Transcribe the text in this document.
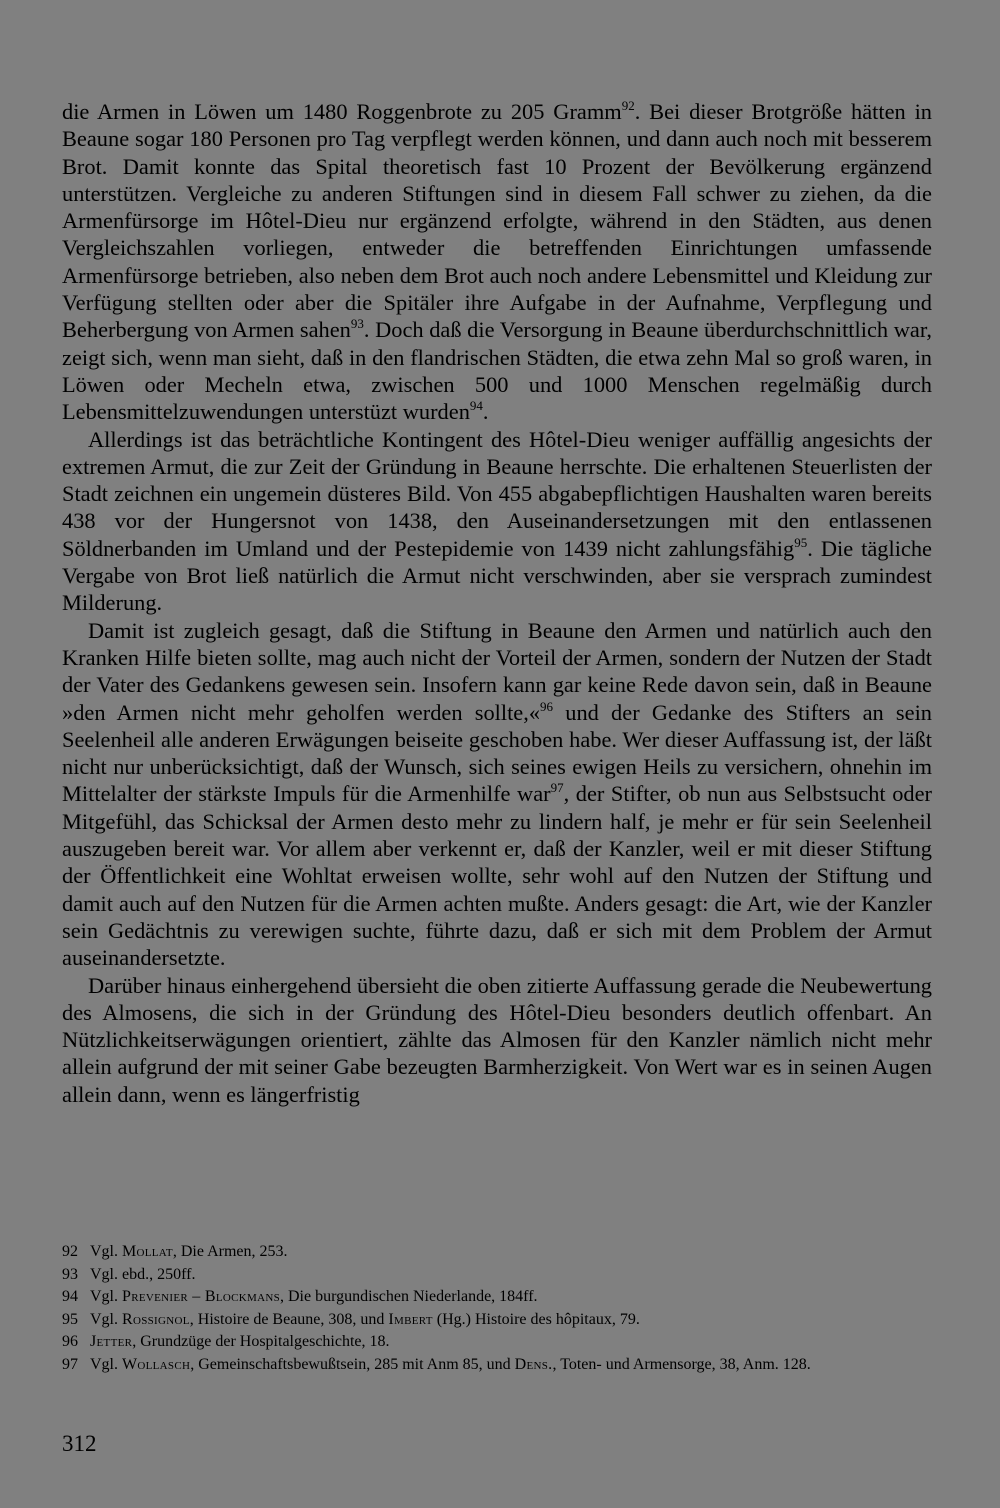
die Armen in Löwen um 1480 Roggenbrote zu 205 Gramm$^{92}$. Bei dieser Brotgröße hätten in Beaune sogar 180 Personen pro Tag verpflegt werden können, und dann auch noch mit besserem Brot. Damit konnte das Spital theoretisch fast 10 Prozent der Bevölkerung ergänzend unterstützen. Vergleiche zu anderen Stiftungen sind in diesem Fall schwer zu ziehen, da die Armenfürsorge im Hôtel-Dieu nur ergänzend erfolgte, während in den Städten, aus denen Vergleichszahlen vorliegen, entweder die betreffenden Einrichtungen umfassende Armenfürsorge betrieben, also neben dem Brot auch noch andere Lebensmittel und Kleidung zur Verfügung stellten oder aber die Spitäler ihre Aufgabe in der Aufnahme, Verpflegung und Beherbergung von Armen sahen$^{93}$. Doch daß die Versorgung in Beaune überdurchschnittlich war, zeigt sich, wenn man sieht, daß in den flandrischen Städten, die etwa zehn Mal so groß waren, in Löwen oder Mecheln etwa, zwischen 500 und 1000 Menschen regelmäßig durch Lebensmittelzuwendungen unterstüzt wurden$^{94}$.

Allerdings ist das beträchtliche Kontingent des Hôtel-Dieu weniger auffällig angesichts der extremen Armut, die zur Zeit der Gründung in Beaune herrschte. Die erhaltenen Steuerlisten der Stadt zeichnen ein ungemein düsteres Bild. Von 455 abgabepflichtigen Haushalten waren bereits 438 vor der Hungersnot von 1438, den Auseinandersetzungen mit den entlassenen Söldnerbanden im Umland und der Pestepidemie von 1439 nicht zahlungsfähig$^{95}$. Die tägliche Vergabe von Brot ließ natürlich die Armut nicht verschwinden, aber sie versprach zumindest Milderung.

Damit ist zugleich gesagt, daß die Stiftung in Beaune den Armen und natürlich auch den Kranken Hilfe bieten sollte, mag auch nicht der Vorteil der Armen, sondern der Nutzen der Stadt der Vater des Gedankens gewesen sein. Insofern kann gar keine Rede davon sein, daß in Beaune »den Armen nicht mehr geholfen werden sollte,«$^{96}$ und der Gedanke des Stifters an sein Seelenheil alle anderen Erwägungen beiseite geschoben habe. Wer dieser Auffassung ist, der läßt nicht nur unberücksichtigt, daß der Wunsch, sich seines ewigen Heils zu versichern, ohnehin im Mittelalter der stärkste Impuls für die Armenhilfe war$^{97}$, der Stifter, ob nun aus Selbstsucht oder Mitgefühl, das Schicksal der Armen desto mehr zu lindern half, je mehr er für sein Seelenheil auszugeben bereit war. Vor allem aber verkennt er, daß der Kanzler, weil er mit dieser Stiftung der Öffentlichkeit eine Wohltat erweisen wollte, sehr wohl auf den Nutzen der Stiftung und damit auch auf den Nutzen für die Armen achten mußte. Anders gesagt: die Art, wie der Kanzler sein Gedächtnis zu verewigen suchte, führte dazu, daß er sich mit dem Problem der Armut auseinandersetzte.

Darüber hinaus einhergehend übersieht die oben zitierte Auffassung gerade die Neubewertung des Almosens, die sich in der Gründung des Hôtel-Dieu besonders deutlich offenbart. An Nützlichkeitserwägungen orientiert, zählte das Almosen für den Kanzler nämlich nicht mehr allein aufgrund der mit seiner Gabe bezeugten Barmherzigkeit. Von Wert war es in seinen Augen allein dann, wenn es längerfristig

92 Vgl. Mollat, Die Armen, 253.
93 Vgl. ebd., 250ff.
94 Vgl. Prevenier – Blockmans, Die burgundischen Niederlande, 184ff.
95 Vgl. Rossignol, Histoire de Beaune, 308, und Imbert (Hg.) Histoire des hôpitaux, 79.
96 Jetter, Grundzüge der Hospitalgeschichte, 18.
97 Vgl. Wollasch, Gemeinschaftsbewußtsein, 285 mit Anm 85, und Dens., Toten- und Armensorge, 38, Anm. 128.
312
